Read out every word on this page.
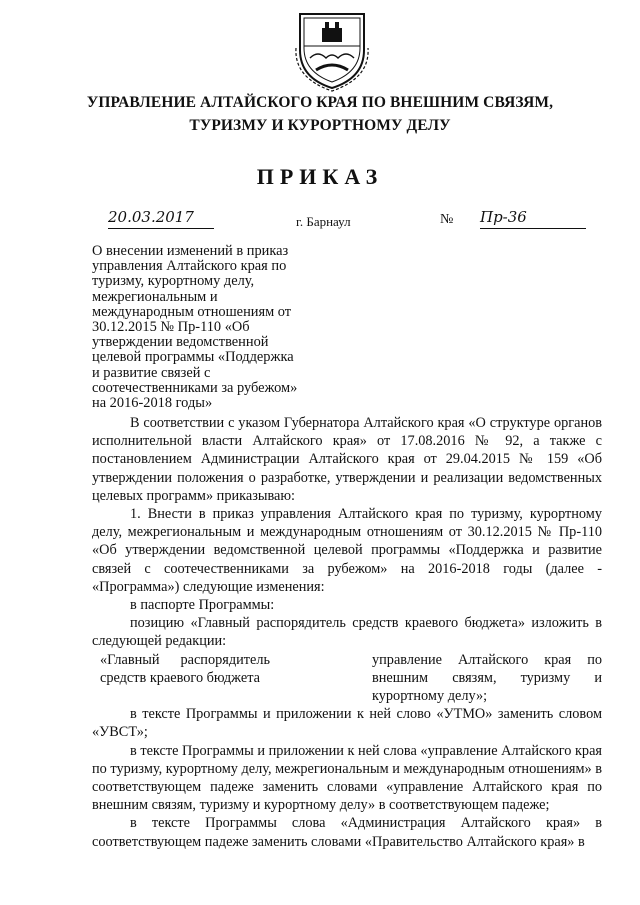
УПРАВЛЕНИЕ АЛТАЙСКОГО КРАЯ ПО ВНЕШНИМ СВЯЗЯМ,
ТУРИЗМУ И КУРОРТНОМУ ДЕЛУ
ПРИКАЗ
20.03.2017	г. Барнаул	№ Пр-36
О внесении изменений в приказ управления Алтайского края по туризму, курортному делу, межрегиональным и международным отношениям от 30.12.2015 № Пр-110 «Об утверждении ведомственной целевой программы «Поддержка и развитие связей с соотечественниками за рубежом» на 2016-2018 годы»

В соответствии с указом Губернатора Алтайского края «О структуре органов исполнительной власти Алтайского края» от 17.08.2016 № 92, а также с постановлением Администрации Алтайского края от 29.04.2015 № 159 «Об утверждении положения о разработке, утверждении и реализации ведомственных целевых программ» приказываю:

1. Внести в приказ управления Алтайского края по туризму, курортному делу, межрегиональным и международным отношениям от 30.12.2015 № Пр-110 «Об утверждении ведомственной целевой программы «Поддержка и развитие связей с соотечественниками за рубежом» на 2016-2018 годы (далее - «Программа») следующие изменения:

в паспорте Программы:

позицию «Главный распорядитель средств краевого бюджета» изложить в следующей редакции:

«Главный распорядитель средств краевого бюджета
управление Алтайского края по внешним связям, туризму и курортному делу»;

в тексте Программы и приложении к ней слово «УТМО» заменить словом «УВСТ»;

в тексте Программы и приложении к ней слова «управление Алтайского края по туризму, курортному делу, межрегиональным и международным отношениям» в соответствующем падеже заменить словами «управление Алтайского края по внешним связям, туризму и курортному делу» в соответствующем падеже;

в тексте Программы слова «Администрация Алтайского края» в соответствующем падеже заменить словами «Правительство Алтайского края» в
